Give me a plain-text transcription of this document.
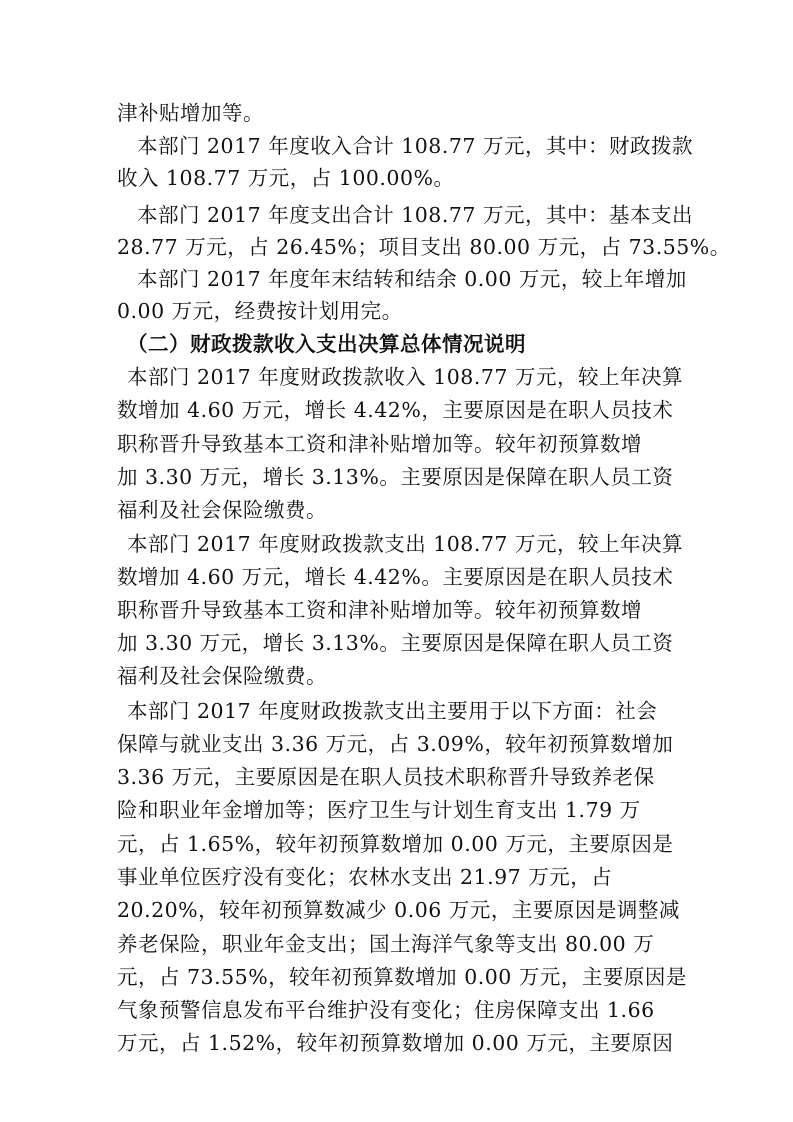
津补贴增加等。
本部门 2017 年度收入合计 108.77 万元，其中：财政拨款
收入 108.77 万元，占 100.00%。
本部门 2017 年度支出合计 108.77 万元，其中：基本支出
28.77 万元，占 26.45%；项目支出 80.00 万元，占 73.55%。
本部门 2017 年度年末结转和结余 0.00 万元，较上年增加
0.00 万元，经费按计划用完。
（二）财政拨款收入支出决算总体情况说明
本部门 2017 年度财政拨款收入 108.77 万元，较上年决算
数增加 4.60 万元，增长 4.42%，主要原因是在职人员技术
职称晋升导致基本工资和津补贴增加等。较年初预算数增
加 3.30 万元，增长 3.13%。主要原因是保障在职人员工资
福利及社会保险缴费。
本部门 2017 年度财政拨款支出 108.77 万元，较上年决算
数增加 4.60 万元，增长 4.42%。主要原因是在职人员技术
职称晋升导致基本工资和津补贴增加等。较年初预算数增
加 3.30 万元，增长 3.13%。主要原因是保障在职人员工资
福利及社会保险缴费。
本部门 2017 年度财政拨款支出主要用于以下方面：社会
保障与就业支出 3.36 万元，占 3.09%，较年初预算数增加
3.36 万元，主要原因是在职人员技术职称晋升导致养老保
险和职业年金增加等；医疗卫生与计划生育支出 1.79 万
元，占 1.65%，较年初预算数增加 0.00 万元，主要原因是
事业单位医疗没有变化；农林水支出 21.97 万元，占
20.20%，较年初预算数减少 0.06 万元，主要原因是调整减
养老保险，职业年金支出；国土海洋气象等支出 80.00 万
元，占 73.55%，较年初预算数增加 0.00 万元，主要原因是
气象预警信息发布平台维护没有变化；住房保障支出 1.66
万元，占 1.52%，较年初预算数增加 0.00 万元，主要原因
